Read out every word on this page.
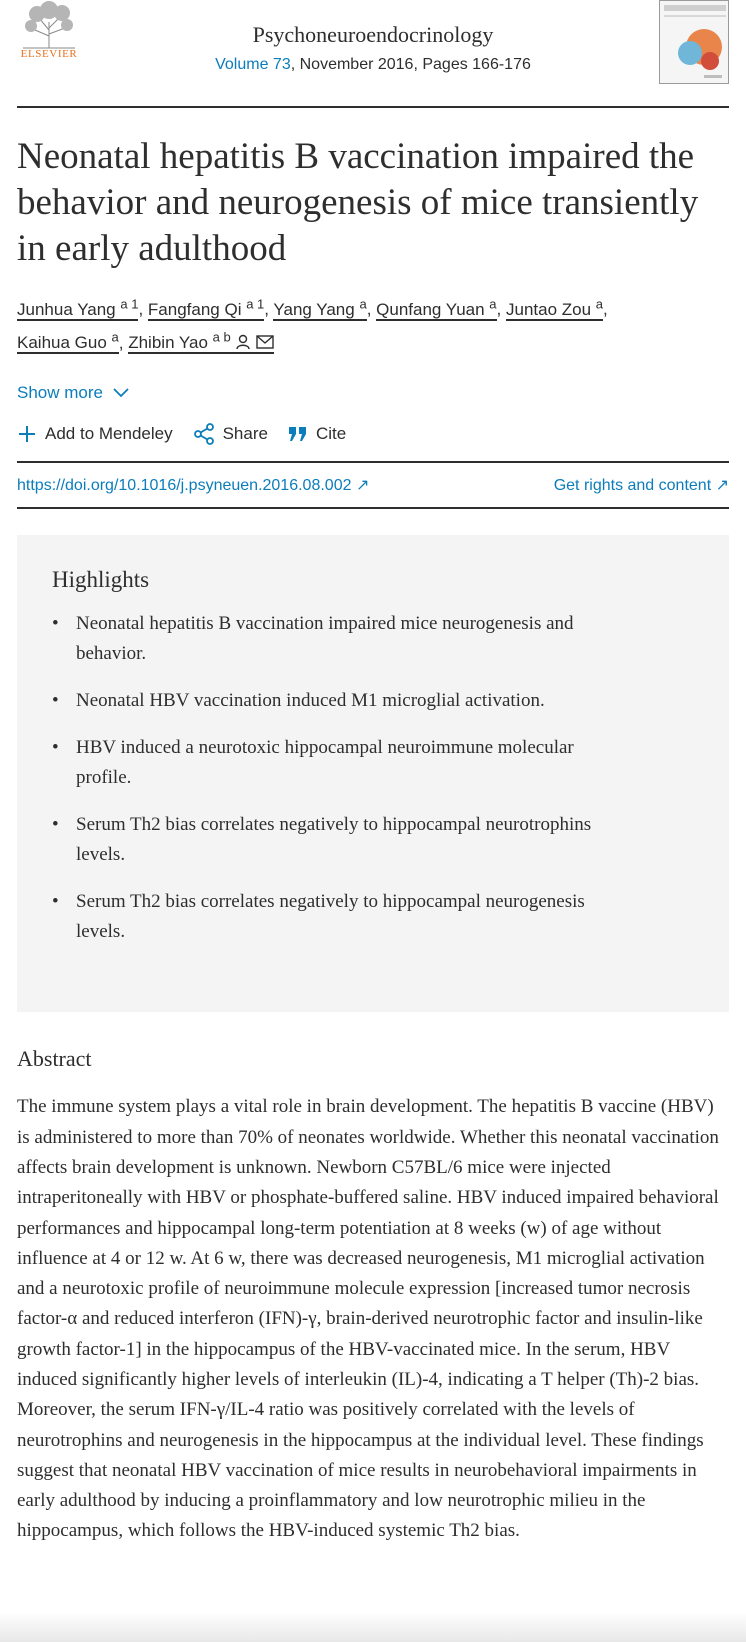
ELSEVIER
Psychoneuroendocrinology
Volume 73, November 2016, Pages 166-176
Neonatal hepatitis B vaccination impaired the behavior and neurogenesis of mice transiently in early adulthood
Junhua Yang $^{a 1}$, Fangfang Qi $^{a 1}$, Yang Yang $^a$, Qunfang Yuan $^a$, Juntao Zou $^a$,
Kaihua Guo $^a$, Zhibin Yao $^{a b}$
Show more
Add to Mendeley	Share	Cite
https://doi.org/10.1016/j.psyneuen.2016.08.002 ↗	Get rights and content ↗
Highlights
• Neonatal hepatitis B vaccination impaired mice neurogenesis and behavior.
• Neonatal HBV vaccination induced M1 microglial activation.
• HBV induced a neurotoxic hippocampal neuroimmune molecular profile.
• Serum Th2 bias correlates negatively to hippocampal neurotrophins levels.
• Serum Th2 bias correlates negatively to hippocampal neurogenesis levels.
Abstract

The immune system plays a vital role in brain development. The hepatitis B vaccine (HBV) is administered to more than 70% of neonates worldwide. Whether this neonatal vaccination affects brain development is unknown. Newborn C57BL/6 mice were injected intraperitoneally with HBV or phosphate-buffered saline. HBV induced impaired behavioral performances and hippocampal long-term potentiation at 8 weeks (w) of age without influence at 4 or 12 w. At 6 w, there was decreased neurogenesis, M1 microglial activation and a neurotoxic profile of neuroimmune molecule expression [increased tumor necrosis factor-α and reduced interferon (IFN)-γ, brain-derived neurotrophic factor and insulin-like growth factor-1] in the hippocampus of the HBV-vaccinated mice. In the serum, HBV induced significantly higher levels of interleukin (IL)-4, indicating a T helper (Th)-2 bias. Moreover, the serum IFN-γ/IL-4 ratio was positively correlated with the levels of neurotrophins and neurogenesis in the hippocampus at the individual level. These findings suggest that neonatal HBV vaccination of mice results in neurobehavioral impairments in early adulthood by inducing a proinflammatory and low neurotrophic milieu in the hippocampus, which follows the HBV-induced systemic Th2 bias.
